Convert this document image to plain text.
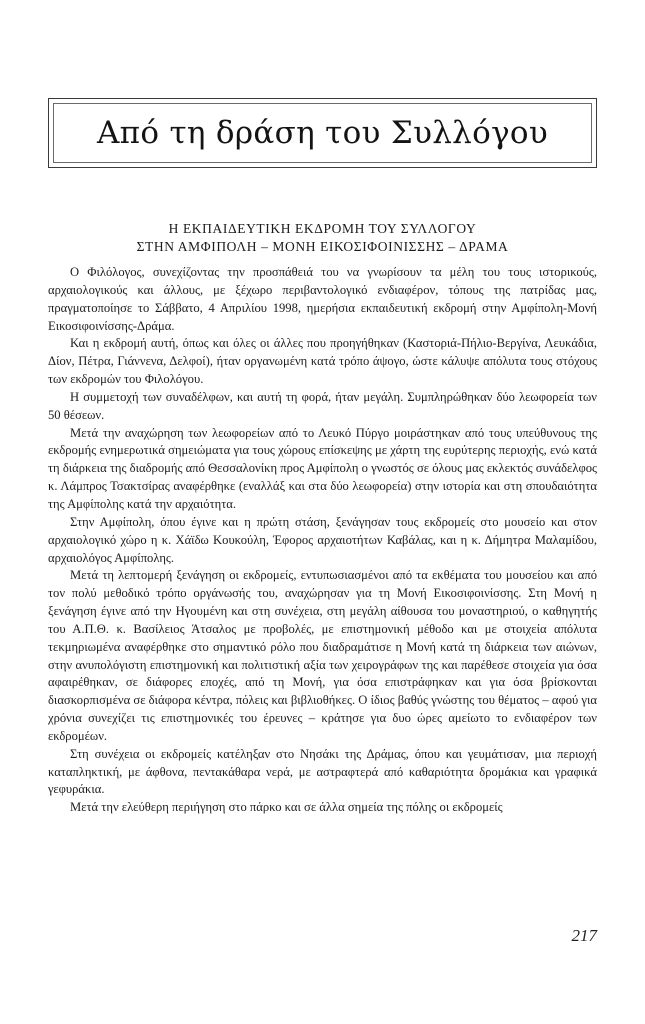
Από τη δράση του Συλλόγου
Η ΕΚΠΑΙΔΕΥΤΙΚΗ ΕΚΔΡΟΜΗ ΤΟΥ ΣΥΛΛΟΓΟΥ
ΣΤΗΝ ΑΜΦΙΠΟΛΗ – ΜΟΝΗ ΕΙΚΟΣΙΦΟΙΝΙΣΣΗΣ – ΔΡΑΜΑ

Ο Φιλόλογος, συνεχίζοντας την προσπάθειά του να γνωρίσουν τα μέλη του τους ιστορικούς, αρχαιολογικούς και άλλους, με ξέχωρο περιβαντολογικό ενδιαφέρον, τόπους της πατρίδας μας, πραγματοποίησε το Σάββατο, 4 Απριλίου 1998, ημερήσια εκπαιδευτική εκδρομή στην Αμφίπολη-Μονή Εικοσιφοινίσσης-Δράμα.

Και η εκδρομή αυτή, όπως και όλες οι άλλες που προηγήθηκαν (Καστοριά-Πήλιο-Βεργίνα, Λευκάδια, Δίον, Πέτρα, Γιάννενα, Δελφοί), ήταν οργανωμένη κατά τρόπο άψογο, ώστε κάλυψε απόλυτα τους στόχους των εκδρομών του Φιλολόγου.

Η συμμετοχή των συναδέλφων, και αυτή τη φορά, ήταν μεγάλη. Συμπληρώθηκαν δύο λεωφορεία των 50 θέσεων.

Μετά την αναχώρηση των λεωφορείων από το Λευκό Πύργο μοιράστηκαν από τους υπεύθυνους της εκδρομής ενημερωτικά σημειώματα για τους χώρους επίσκεψης με χάρτη της ευρύτερης περιοχής, ενώ κατά τη διάρκεια της διαδρομής από Θεσσαλονίκη προς Αμφίπολη ο γνωστός σε όλους μας εκλεκτός συνάδελφος κ. Λάμπρος Τσακτσίρας αναφέρθηκε (εναλλάξ και στα δύο λεωφορεία) στην ιστορία και στη σπουδαιότητα της Αμφίπολης κατά την αρχαιότητα.

Στην Αμφίπολη, όπου έγινε και η πρώτη στάση, ξενάγησαν τους εκδρομείς στο μουσείο και στον αρχαιολογικό χώρο η κ. Χάϊδω Κουκούλη, Έφορος αρχαιοτήτων Καβάλας, και η κ. Δήμητρα Μαλαμίδου, αρχαιολόγος Αμφίπολης.

Μετά τη λεπτομερή ξενάγηση οι εκδρομείς, εντυπωσιασμένοι από τα εκθέματα του μουσείου και από τον πολύ μεθοδικό τρόπο οργάνωσής του, αναχώρησαν για τη Μονή Εικοσιφοινίσσης. Στη Μονή η ξενάγηση έγινε από την Ηγουμένη και στη συνέχεια, στη μεγάλη αίθουσα του μοναστηριού, ο καθηγητής του Α.Π.Θ. κ. Βασίλειος Άτσαλος με προβολές, με επιστημονική μέθοδο και με στοιχεία απόλυτα τεκμηριωμένα αναφέρθηκε στο σημαντικό ρόλο που διαδραμάτισε η Μονή κατά τη διάρκεια των αιώνων, στην ανυπολόγιστη επιστημονική και πολιτιστική αξία των χειρογράφων της και παρέθεσε στοιχεία για όσα αφαιρέθηκαν, σε διάφορες εποχές, από τη Μονή, για όσα επιστράφηκαν και για όσα βρίσκονται διασκορπισμένα σε διάφορα κέντρα, πόλεις και βιβλιοθήκες. Ο ίδιος βαθύς γνώστης του θέματος – αφού για χρόνια συνεχίζει τις επιστημονικές του έρευνες – κράτησε για δυο ώρες αμείωτο το ενδιαφέρον των εκδρομέων.

Στη συνέχεια οι εκδρομείς κατέληξαν στο Νησάκι της Δράμας, όπου και γευμάτισαν, μια περιοχή καταπληκτική, με άφθονα, πεντακάθαρα νερά, με αστραφτερά από καθαριότητα δρομάκια και γραφικά γεφυράκια.

Μετά την ελεύθερη περιήγηση στο πάρκο και σε άλλα σημεία της πόλης οι εκδρομείς

217
